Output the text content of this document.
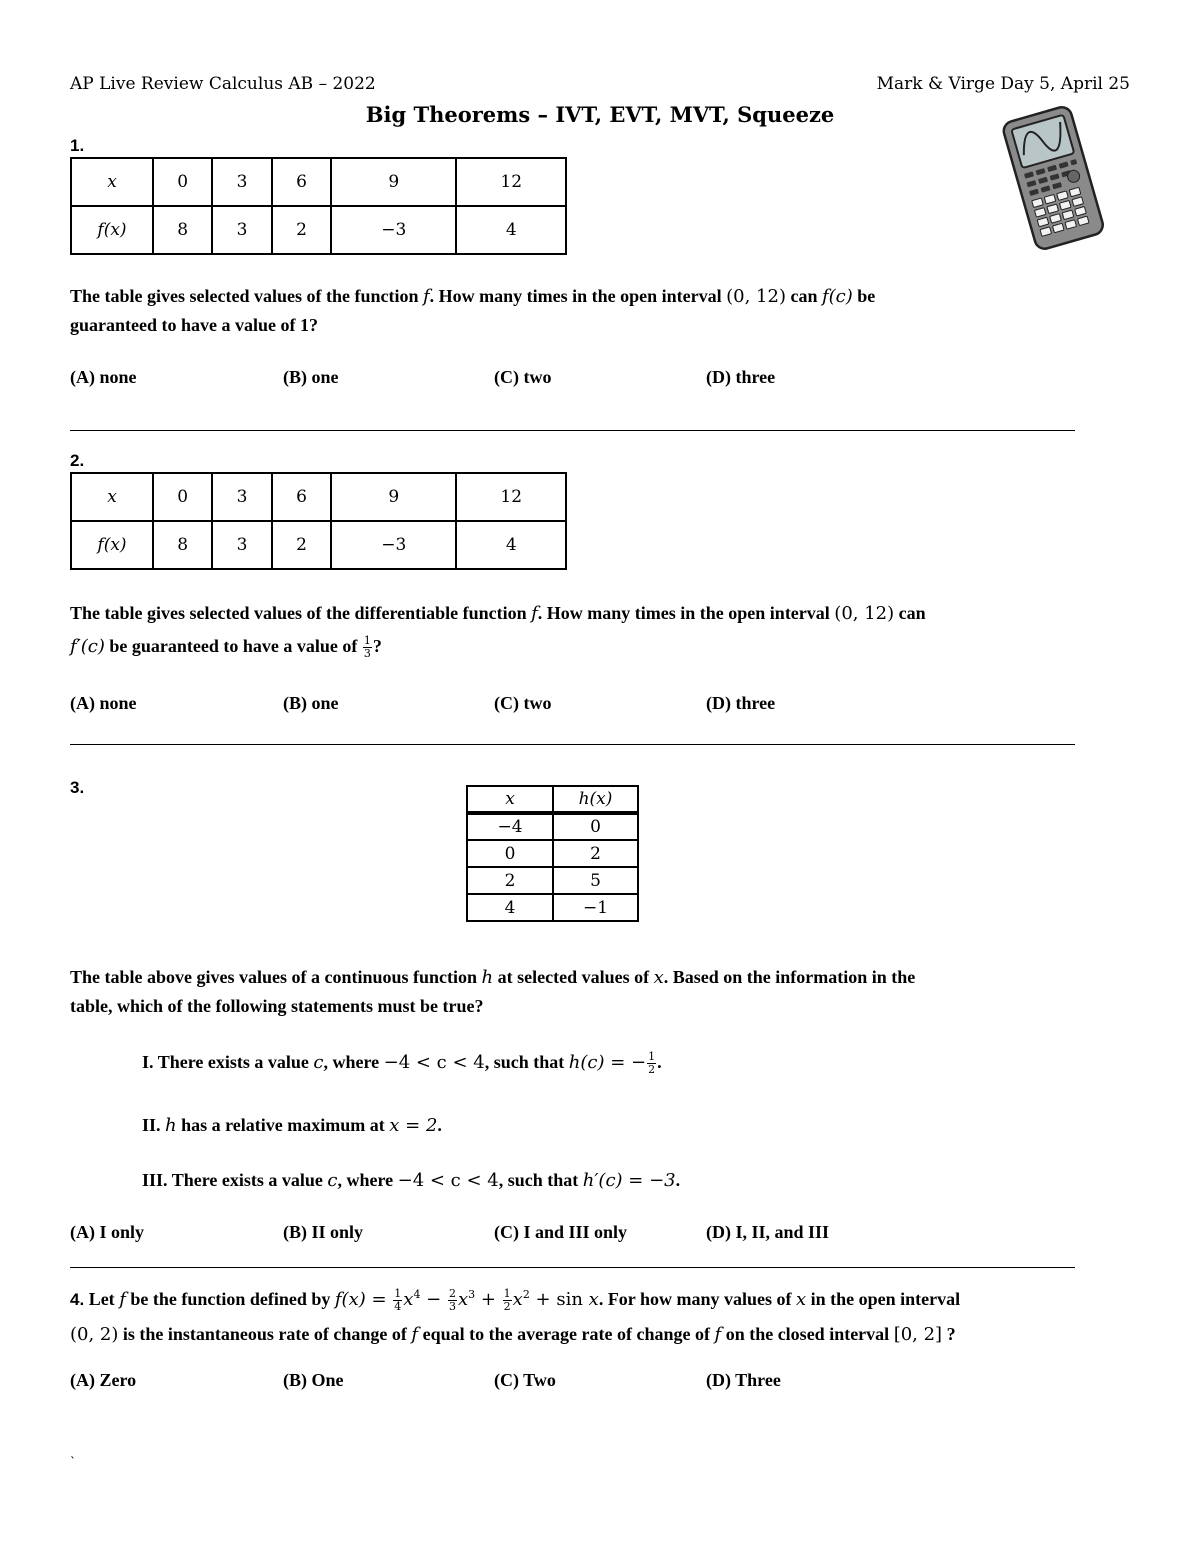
AP Live Review Calculus AB – 2022	Mark & Virge Day 5, April 25
Big Theorems – IVT, EVT, MVT, Squeeze
1.
x	0	3	6	9	12
f(x)	8	3	2	−3	4
The table gives selected values of the function f. How many times in the open interval (0, 12) can f(c) be
guaranteed to have a value of 1?
(A) none	(B) one	(C) two	(D) three
2.
x	0	3	6	9	12
f(x)	8	3	2	−3	4
The table gives selected values of the differentiable function f. How many times in the open interval (0, 12) can
f′(c) be guaranteed to have a value of $\frac{1}{3}$ ?
(A) none	(B) one	(C) two	(D) three
3.
x	h(x)
−4	0
0	2
2	5
4	−1
The table above gives values of a continuous function h at selected values of x. Based on the information in the
table, which of the following statements must be true?
I. There exists a value c, where −4 < c < 4, such that h(c) = − $\frac{1}{2}$ .
II. h has a relative maximum at x = 2.
III. There exists a value c, where −4 < c < 4, such that h′(c) = −3.
(A) I only	(B) II only	(C) I and III only	(D) I, II, and III
4. Let f be the function defined by $f(x) = \frac{1}{4} x^4 - \frac{2}{3} x^3 + \frac{1}{2} x^2 + \sin x$. For how many values of x in the open interval
(0, 2) is the instantaneous rate of change of f equal to the average rate of change of f on the closed interval [0, 2] ?
(A) Zero	(B) One	(C) Two	(D) Three
`
